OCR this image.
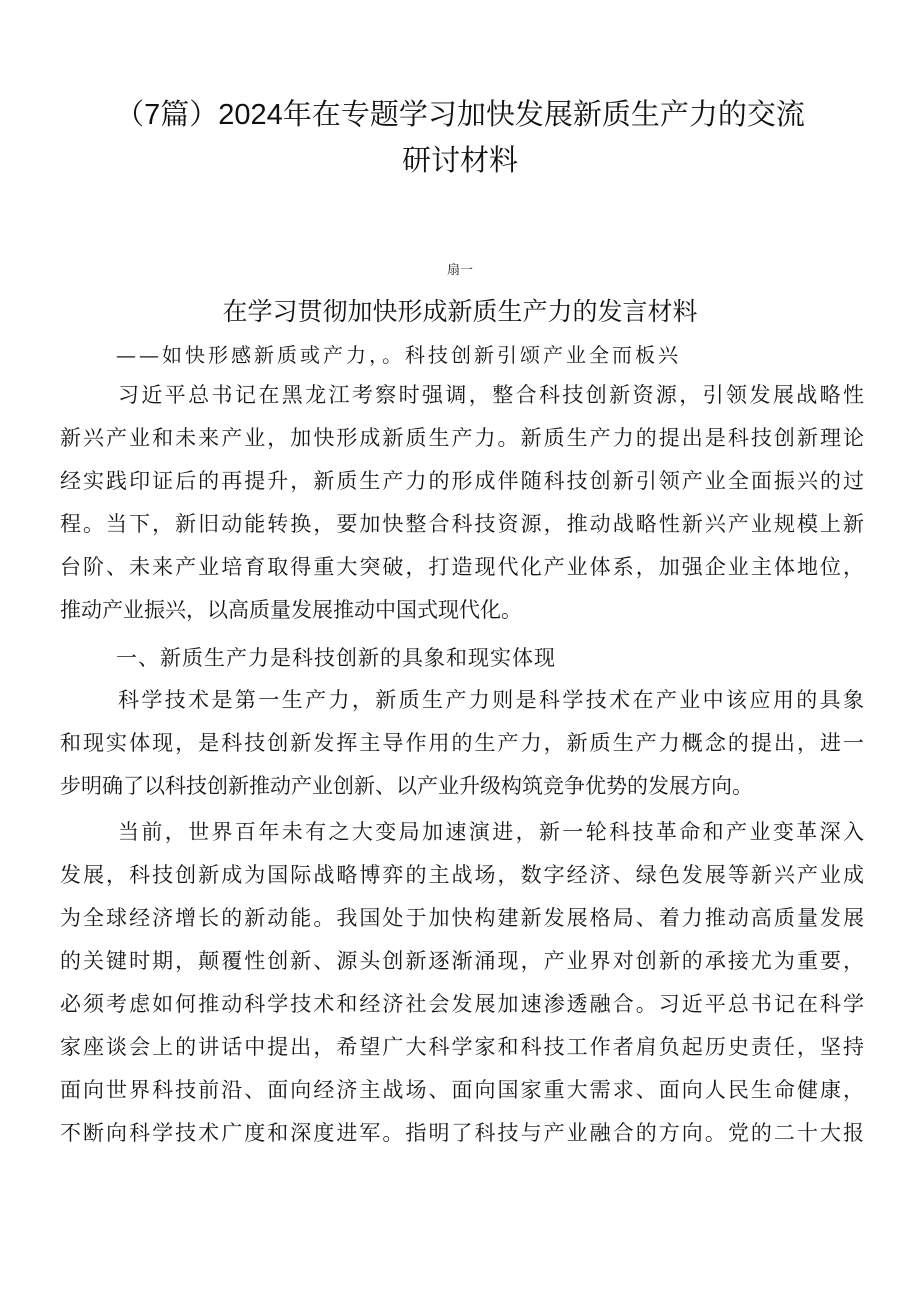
（7篇）2024年在专题学习加快发展新质生产力的交流
研讨材料
扇一
在学习贯彻加快形成新质生产力的发言材料
——如快形感新质或产力，。科技创新引颂产业全而板兴
习近平总书记在黑龙江考察时强调，整合科技创新资源，引领发展战略性
新兴产业和未来产业，加快形成新质生产力。新质生产力的提出是科技创新理论
经实践印证后的再提升，新质生产力的形成伴随科技创新引领产业全面振兴的过
程。当下，新旧动能转换，要加快整合科技资源，推动战略性新兴产业规模上新
台阶、未来产业培育取得重大突破，打造现代化产业体系，加强企业主体地位，
推动产业振兴，以高质量发展推动中国式现代化。
一、新质生产力是科技创新的具象和现实体现
科学技术是第一生产力，新质生产力则是科学技术在产业中该应用的具象
和现实体现，是科技创新发挥主导作用的生产力，新质生产力概念的提出，进一
步明确了以科技创新推动产业创新、以产业升级构筑竞争优势的发展方向。
当前，世界百年未有之大变局加速演进，新一轮科技革命和产业变革深入
发展，科技创新成为国际战略博弈的主战场，数字经济、绿色发展等新兴产业成
为全球经济增长的新动能。我国处于加快构建新发展格局、着力推动高质量发展
的关键时期，颠覆性创新、源头创新逐渐涌现，产业界对创新的承接尤为重要，
必须考虑如何推动科学技术和经济社会发展加速渗透融合。习近平总书记在科学
家座谈会上的讲话中提出，希望广大科学家和科技工作者肩负起历史责任，坚持
面向世界科技前沿、面向经济主战场、面向国家重大需求、面向人民生命健康，
不断向科学技术广度和深度进军。指明了科技与产业融合的方向。党的二十大报
